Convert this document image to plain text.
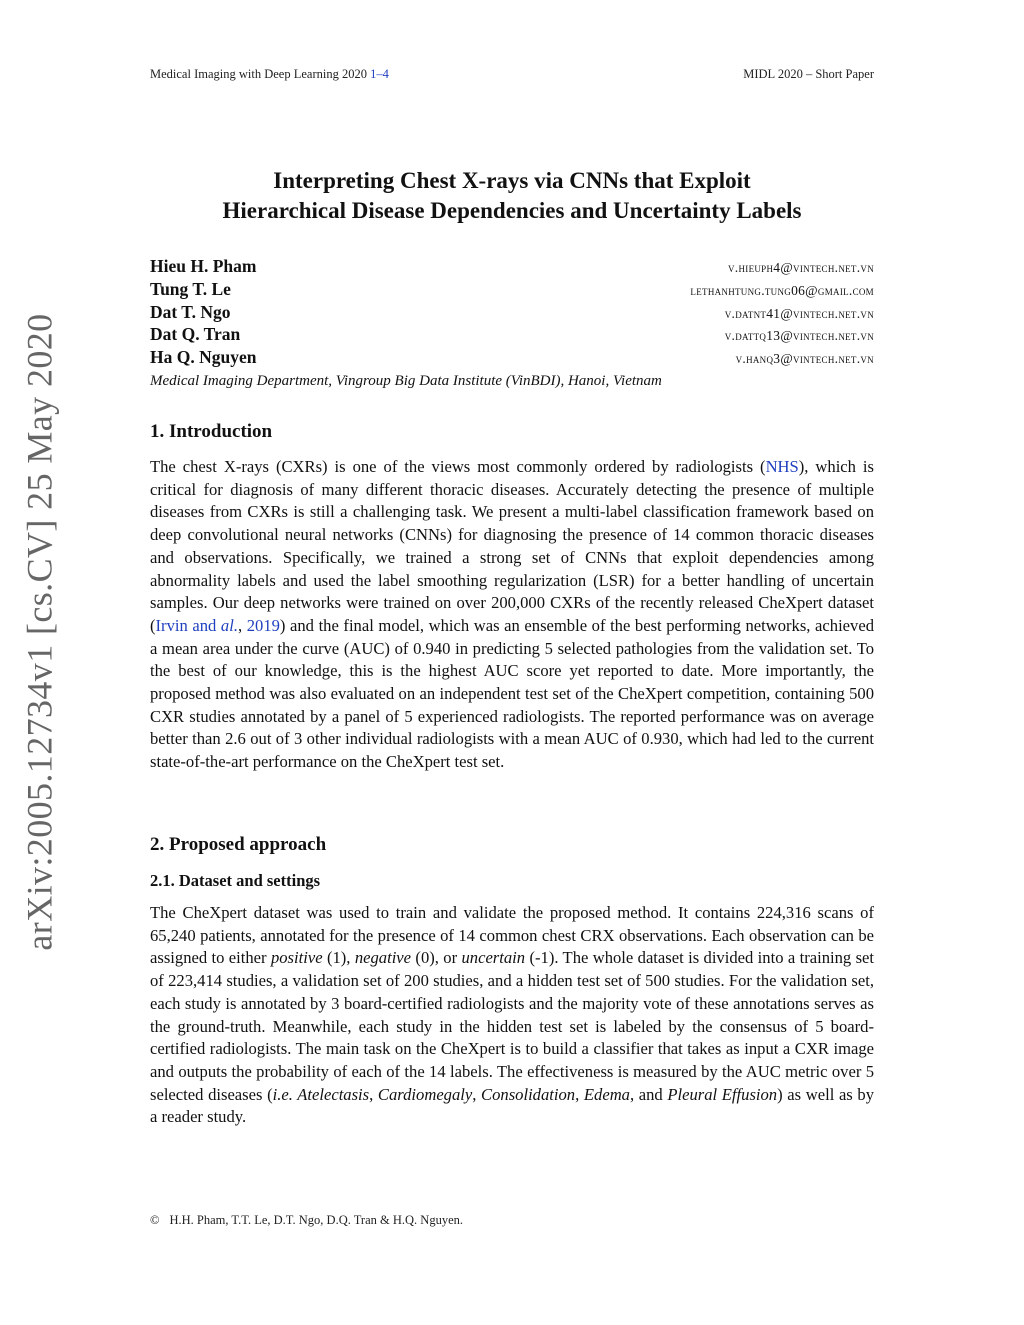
arXiv:2005.12734v1 [cs.CV] 25 May 2020
Medical Imaging with Deep Learning 2020 1–4	MIDL 2020 – Short Paper
Interpreting Chest X-rays via CNNs that Exploit
Hierarchical Disease Dependencies and Uncertainty Labels
Hieu H. Pham	v.hieuph4@vintech.net.vn
Tung T. Le	lethanhtung.tung06@gmail.com
Dat T. Ngo	v.datnt41@vintech.net.vn
Dat Q. Tran	v.dattq13@vintech.net.vn
Ha Q. Nguyen	v.hanq3@vintech.net.vn
Medical Imaging Department, Vingroup Big Data Institute (VinBDI), Hanoi, Vietnam
1. Introduction
The chest X-rays (CXRs) is one of the views most commonly ordered by radiologists (NHS), which is critical for diagnosis of many different thoracic diseases. Accurately detecting the presence of multiple diseases from CXRs is still a challenging task. We present a multi-label classification framework based on deep convolutional neural networks (CNNs) for diagnosing the presence of 14 common thoracic diseases and observations. Specifically, we trained a strong set of CNNs that exploit dependencies among abnormality labels and used the label smoothing regularization (LSR) for a better handling of uncertain samples. Our deep networks were trained on over 200,000 CXRs of the recently released CheXpert dataset (Irvin and al., 2019) and the final model, which was an ensemble of the best performing networks, achieved a mean area under the curve (AUC) of 0.940 in predicting 5 selected pathologies from the validation set. To the best of our knowledge, this is the highest AUC score yet reported to date. More importantly, the proposed method was also evaluated on an independent test set of the CheXpert competition, containing 500 CXR studies annotated by a panel of 5 experienced radiologists. The reported performance was on average better than 2.6 out of 3 other individual radiologists with a mean AUC of 0.930, which had led to the current state-of-the-art performance on the CheXpert test set.
2. Proposed approach
2.1. Dataset and settings
The CheXpert dataset was used to train and validate the proposed method. It contains 224,316 scans of 65,240 patients, annotated for the presence of 14 common chest CRX observations. Each observation can be assigned to either positive (1), negative (0), or uncertain (-1). The whole dataset is divided into a training set of 223,414 studies, a validation set of 200 studies, and a hidden test set of 500 studies. For the validation set, each study is annotated by 3 board-certified radiologists and the majority vote of these annotations serves as the ground-truth. Meanwhile, each study in the hidden test set is labeled by the consensus of 5 board-certified radiologists. The main task on the CheXpert is to build a classifier that takes as input a CXR image and outputs the probability of each of the 14 labels. The effectiveness is measured by the AUC metric over 5 selected diseases (i.e. Atelectasis, Cardiomegaly, Consolidation, Edema, and Pleural Effusion) as well as by a reader study.
© H.H. Pham, T.T. Le, D.T. Ngo, D.Q. Tran & H.Q. Nguyen.
